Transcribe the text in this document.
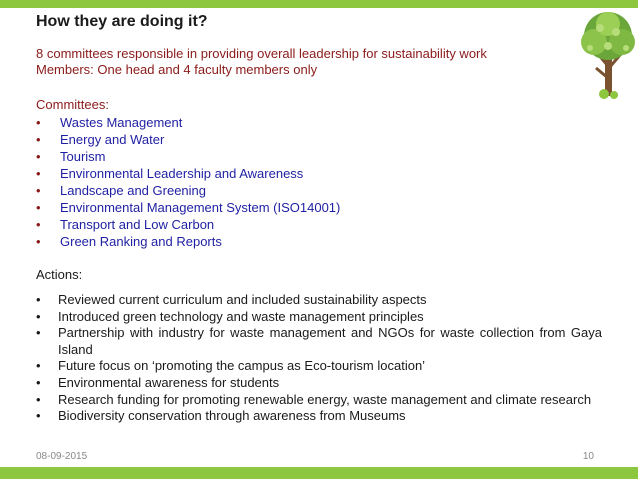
How they are doing it?
8 committees responsible in providing overall leadership for sustainability work
Members: One head and 4 faculty members only
Committees:
• Wastes Management
• Energy and Water
• Tourism
• Environmental Leadership and Awareness
• Landscape and Greening
• Environmental Management System (ISO14001)
• Transport and Low Carbon
• Green Ranking and Reports
Actions:
• Reviewed current curriculum and included sustainability aspects
• Introduced green technology and waste management principles
• Partnership with industry for waste management and NGOs for waste collection from Gaya Island
• Future focus on ‘promoting the campus as Eco-tourism location’
• Environmental awareness for students
• Research funding for promoting renewable energy, waste management and climate research
• Biodiversity conservation through awareness from Museums
08-09-2015	10
